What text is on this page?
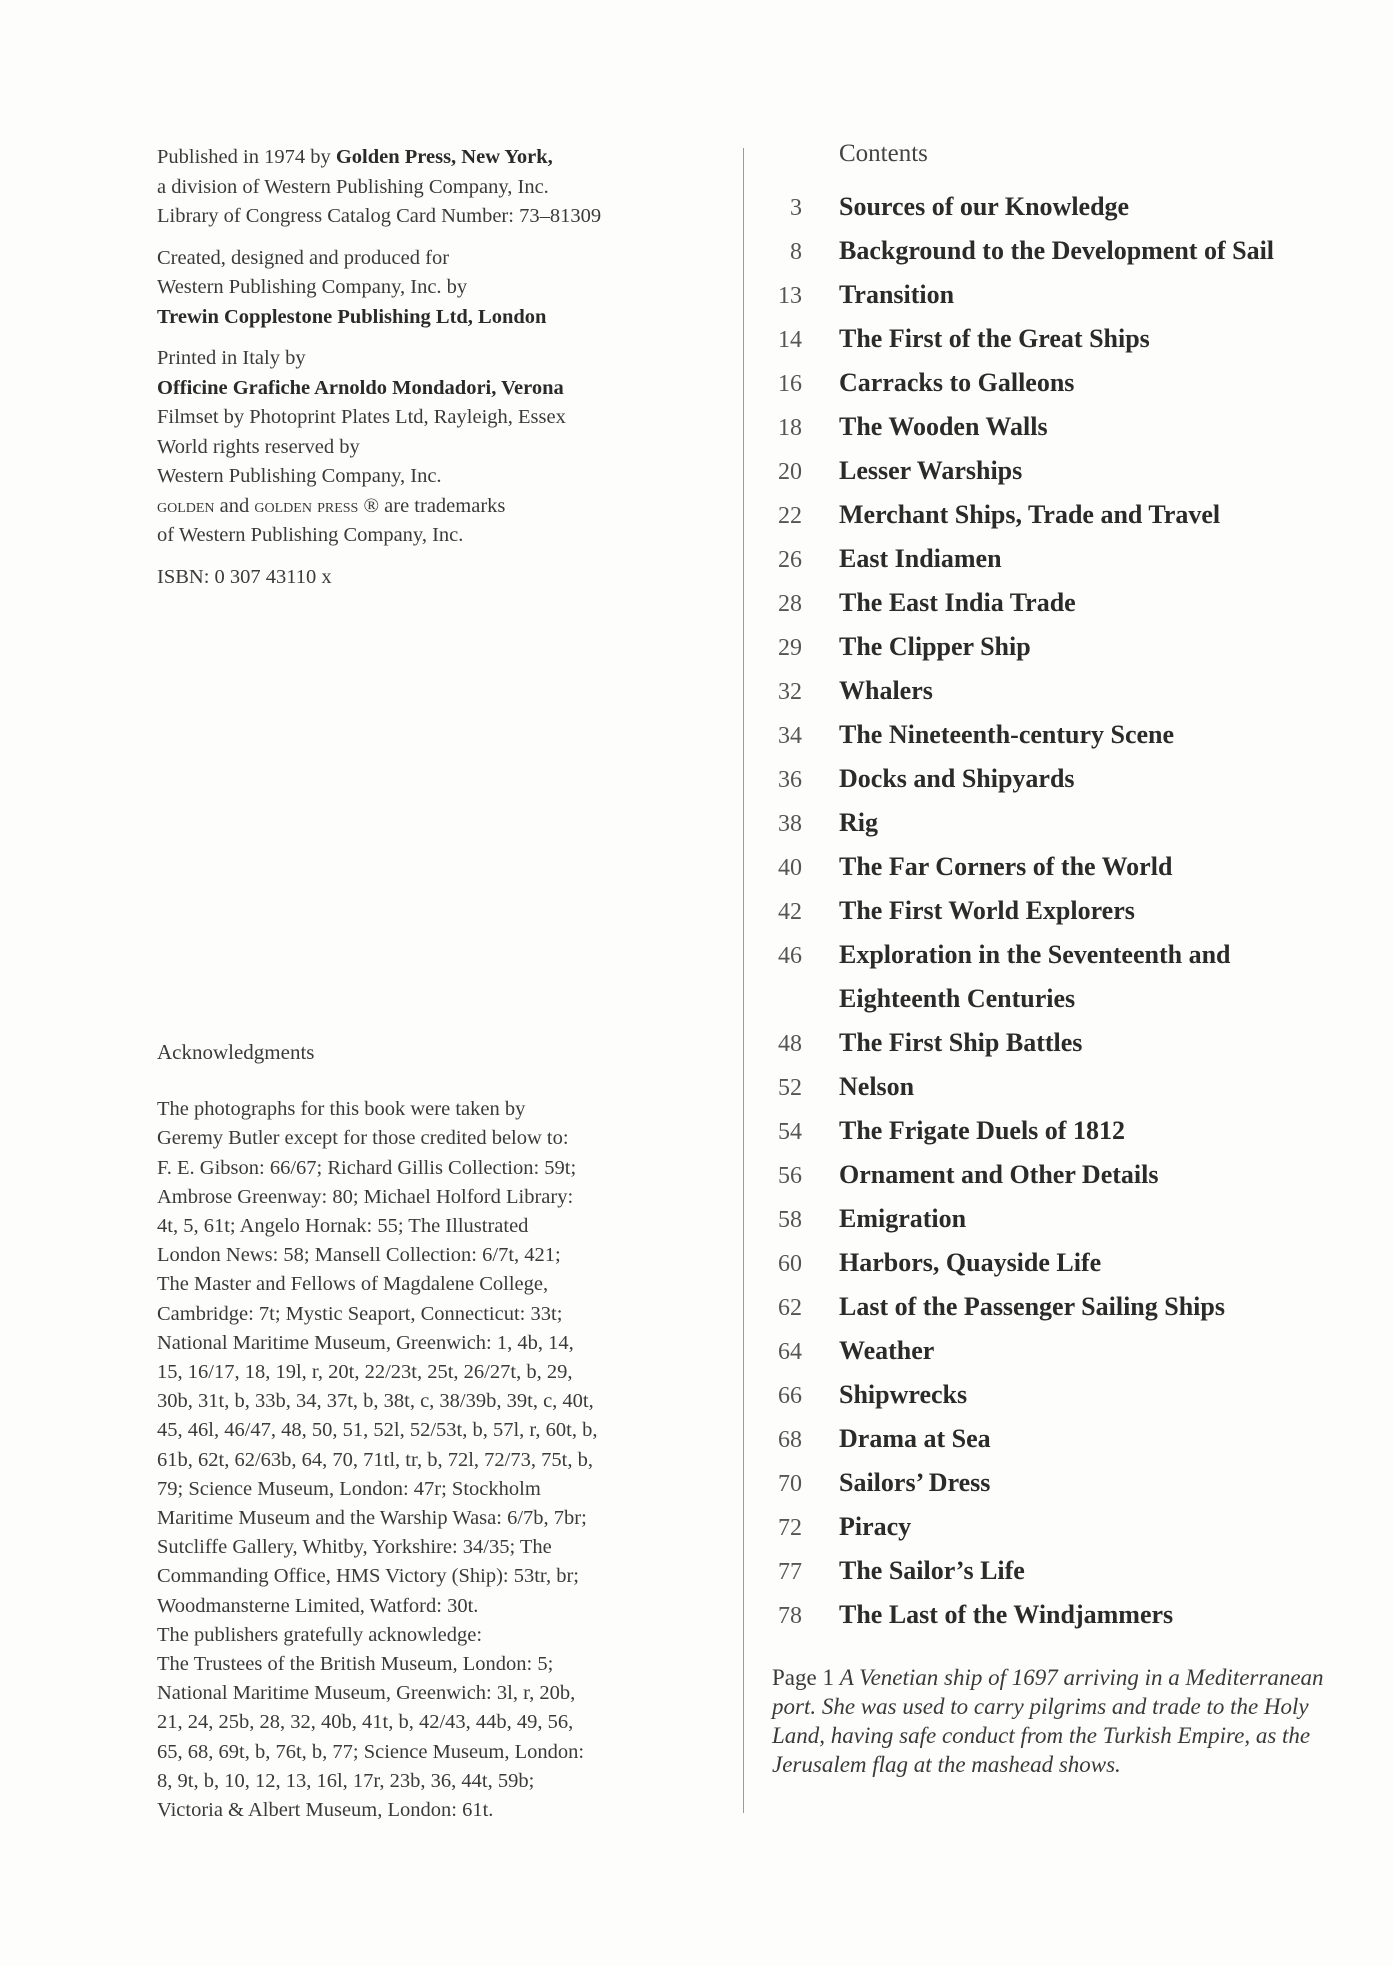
Published in 1974 by Golden Press, New York,

a division of Western Publishing Company, Inc.

Library of Congress Catalog Card Number: 73–81309

Created, designed and produced for

Western Publishing Company, Inc. by

Trewin Copplestone Publishing Ltd, London

Printed in Italy by

Officine Grafiche Arnoldo Mondadori, Verona

Filmset by Photoprint Plates Ltd, Rayleigh, Essex

World rights reserved by

Western Publishing Company, Inc.

golden and golden press ® are trademarks

of Western Publishing Company, Inc.

ISBN: 0 307 43110 x

Acknowledgments
The photographs for this book were taken by
Geremy Butler except for those credited below to:
F. E. Gibson: 66/67; Richard Gillis Collection: 59t;
Ambrose Greenway: 80; Michael Holford Library:
4t, 5, 61t; Angelo Hornak: 55; The Illustrated
London News: 58; Mansell Collection: 6/7t, 421;
The Master and Fellows of Magdalene College,
Cambridge: 7t; Mystic Seaport, Connecticut: 33t;
National Maritime Museum, Greenwich: 1, 4b, 14,
15, 16/17, 18, 19l, r, 20t, 22/23t, 25t, 26/27t, b, 29,
30b, 31t, b, 33b, 34, 37t, b, 38t, c, 38/39b, 39t, c, 40t,
45, 46l, 46/47, 48, 50, 51, 52l, 52/53t, b, 57l, r, 60t, b,
61b, 62t, 62/63b, 64, 70, 71tl, tr, b, 72l, 72/73, 75t, b,
79; Science Museum, London: 47r; Stockholm
Maritime Museum and the Warship Wasa: 6/7b, 7br;
Sutcliffe Gallery, Whitby, Yorkshire: 34/35; The
Commanding Office, HMS Victory (Ship): 53tr, br;
Woodmansterne Limited, Watford: 30t.
The publishers gratefully acknowledge:
The Trustees of the British Museum, London: 5;
National Maritime Museum, Greenwich: 3l, r, 20b,
21, 24, 25b, 28, 32, 40b, 41t, b, 42/43, 44b, 49, 56,
65, 68, 69t, b, 76t, b, 77; Science Museum, London:
8, 9t, b, 10, 12, 13, 16l, 17r, 23b, 36, 44t, 59b;
Victoria & Albert Museum, London: 61t.
Contents
3 Sources of our Knowledge
8 Background to the Development of Sail
13 Transition
14 The First of the Great Ships
16 Carracks to Galleons
18 The Wooden Walls
20 Lesser Warships
22 Merchant Ships, Trade and Travel
26 East Indiamen
28 The East India Trade
29 The Clipper Ship
32 Whalers
34 The Nineteenth-century Scene
36 Docks and Shipyards
38 Rig
40 The Far Corners of the World
42 The First World Explorers
46 Exploration in the Seventeenth and
Eighteenth Centuries
48 The First Ship Battles
52 Nelson
54 The Frigate Duels of 1812
56 Ornament and Other Details
58 Emigration
60 Harbors, Quayside Life
62 Last of the Passenger Sailing Ships
64 Weather
66 Shipwrecks
68 Drama at Sea
70 Sailors’ Dress
72 Piracy
77 The Sailor’s Life
78 The Last of the Windjammers
Page 1 A Venetian ship of 1697 arriving in a Mediterranean port. She was used to carry pilgrims and trade to the Holy Land, having safe conduct from the Turkish Empire, as the Jerusalem flag at the mashead shows.
